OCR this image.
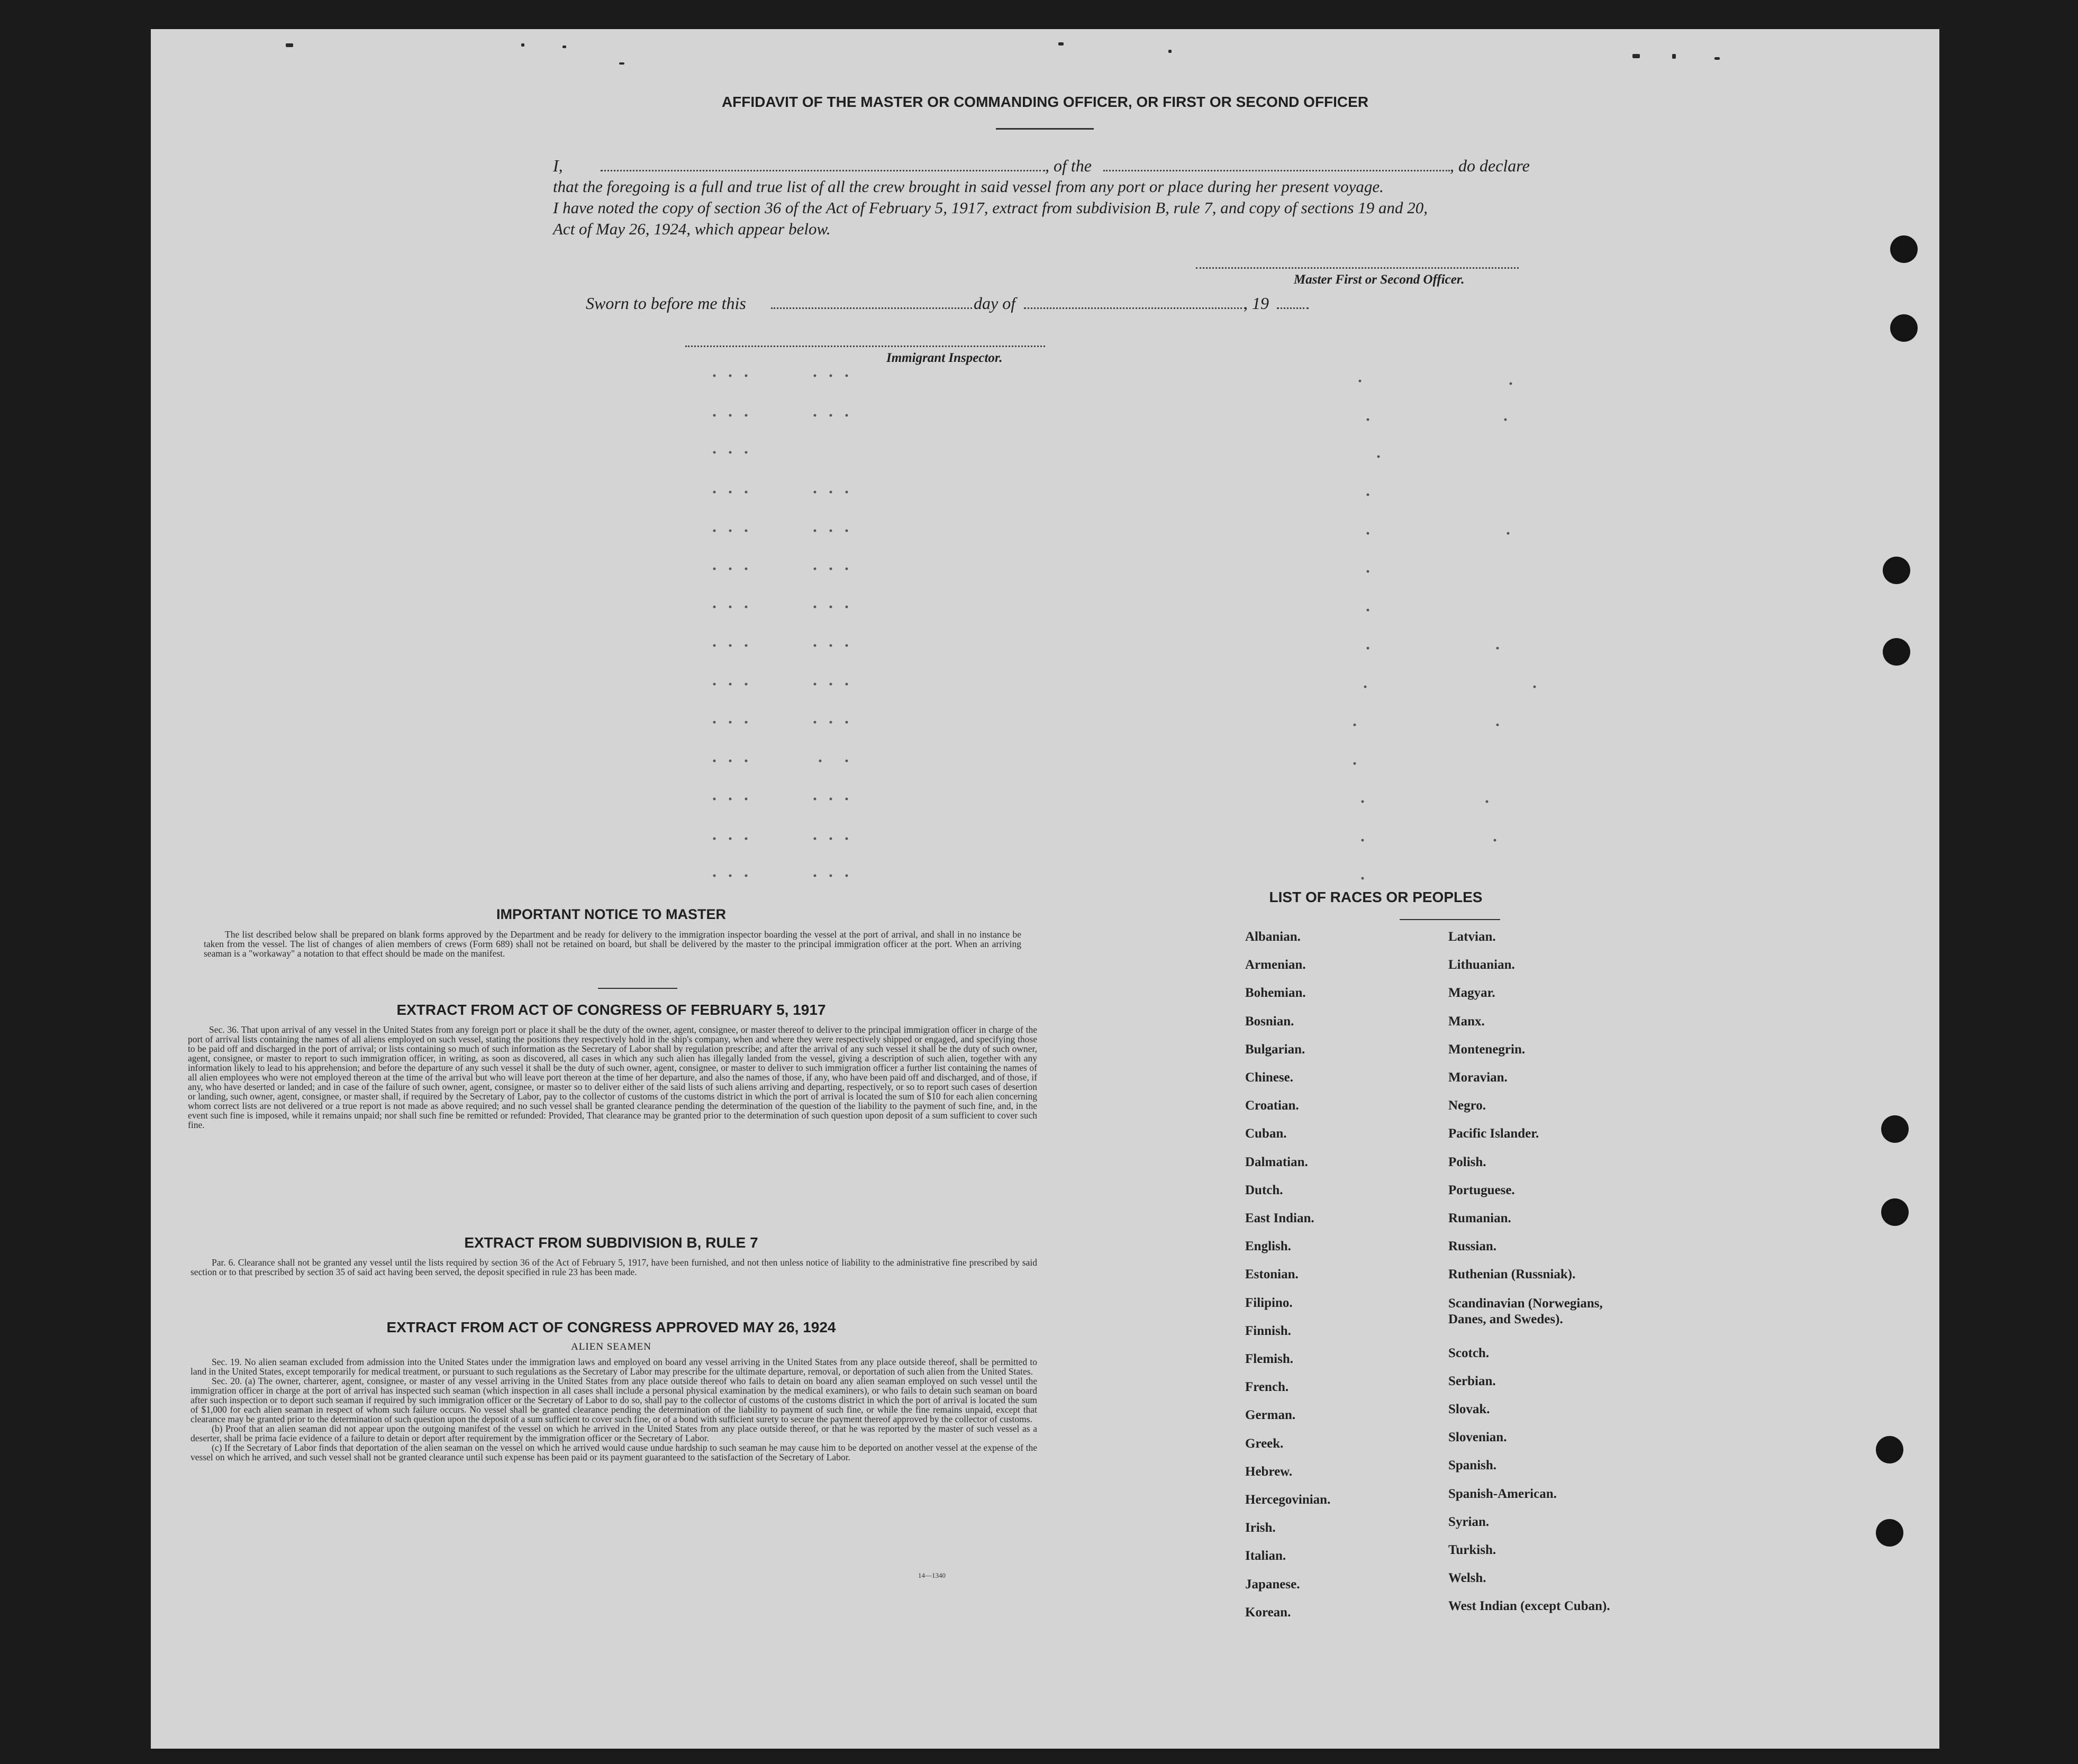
AFFIDAVIT OF THE MASTER OR COMMANDING OFFICER, OR FIRST OR SECOND OFFICER
I,	, of the	, do declare
that the foregoing is a full and true list of all the crew brought in said vessel from any port or place during her present voyage.
I have noted the copy of section 36 of the Act of February 5, 1917, extract from subdivision B, rule 7, and copy of sections 19 and 20,
Act of May 26, 1924, which appear below.
Master First or Second Officer.
Sworn to before me this	day of	, 19
Immigrant Inspector.
IMPORTANT NOTICE TO MASTER

The list described below shall be prepared on blank forms approved by the Department and be ready for delivery to the immigration inspector boarding the vessel at the port of arrival, and shall in no instance be taken from the vessel. The list of changes of alien members of crews (Form 689) shall not be retained on board, but shall be delivered by the master to the principal immigration officer at the port. When an arriving seaman is a "workaway" a notation to that effect should be made on the manifest.

EXTRACT FROM ACT OF CONGRESS OF FEBRUARY 5, 1917

Sec. 36. That upon arrival of any vessel in the United States from any foreign port or place it shall be the duty of the owner, agent, consignee, or master thereof to deliver to the principal immigration officer in charge of the port of arrival lists containing the names of all aliens employed on such vessel, stating the positions they respectively hold in the ship's company, when and where they were respectively shipped or engaged, and specifying those to be paid off and discharged in the port of arrival; or lists containing so much of such information as the Secretary of Labor shall by regulation prescribe; and after the arrival of any such vessel it shall be the duty of such owner, agent, consignee, or master to report to such immigration officer, in writing, as soon as discovered, all cases in which any such alien has illegally landed from the vessel, giving a description of such alien, together with any information likely to lead to his apprehension; and before the departure of any such vessel it shall be the duty of such owner, agent, consignee, or master to deliver to such immigration officer a further list containing the names of all alien employees who were not employed thereon at the time of the arrival but who will leave port thereon at the time of her departure, and also the names of those, if any, who have been paid off and discharged, and of those, if any, who have deserted or landed; and in case of the failure of such owner, agent, consignee, or master so to deliver either of the said lists of such aliens arriving and departing, respectively, or so to report such cases of desertion or landing, such owner, agent, consignee, or master shall, if required by the Secretary of Labor, pay to the collector of customs of the customs district in which the port of arrival is located the sum of $10 for each alien concerning whom correct lists are not delivered or a true report is not made as above required; and no such vessel shall be granted clearance pending the determination of the question of the liability to the payment of such fine, and, in the event such fine is imposed, while it remains unpaid; nor shall such fine be remitted or refunded: Provided, That clearance may be granted prior to the determination of such question upon deposit of a sum sufficient to cover such fine.

EXTRACT FROM SUBDIVISION B, RULE 7

Par. 6. Clearance shall not be granted any vessel until the lists required by section 36 of the Act of February 5, 1917, have been furnished, and not then unless notice of liability to the administrative fine prescribed by said section or to that prescribed by section 35 of said act having been served, the deposit specified in rule 23 has been made.

EXTRACT FROM ACT OF CONGRESS APPROVED MAY 26, 1924
ALIEN SEAMEN

Sec. 19. No alien seaman excluded from admission into the United States under the immigration laws and employed on board any vessel arriving in the United States from any place outside thereof, shall be permitted to land in the United States, except temporarily for medical treatment, or pursuant to such regulations as the Secretary of Labor may prescribe for the ultimate departure, removal, or deportation of such alien from the United States.

Sec. 20. (a) The owner, charterer, agent, consignee, or master of any vessel arriving in the United States from any place outside thereof who fails to detain on board any alien seaman employed on such vessel until the immigration officer in charge at the port of arrival has inspected such seaman (which inspection in all cases shall include a personal physical examination by the medical examiners), or who fails to detain such seaman on board after such inspection or to deport such seaman if required by such immigration officer or the Secretary of Labor to do so, shall pay to the collector of customs of the customs district in which the port of arrival is located the sum of $1,000 for each alien seaman in respect of whom such failure occurs. No vessel shall be granted clearance pending the determination of the liability to payment of such fine, or while the fine remains unpaid, except that clearance may be granted prior to the determination of such question upon the deposit of a sum sufficient to cover such fine, or of a bond with sufficient surety to secure the payment thereof approved by the collector of customs.

(b) Proof that an alien seaman did not appear upon the outgoing manifest of the vessel on which he arrived in the United States from any place outside thereof, or that he was reported by the master of such vessel as a deserter, shall be prima facie evidence of a failure to detain or deport after requirement by the immigration officer or the Secretary of Labor.

(c) If the Secretary of Labor finds that deportation of the alien seaman on the vessel on which he arrived would cause undue hardship to such seaman he may cause him to be deported on another vessel at the expense of the vessel on which he arrived, and such vessel shall not be granted clearance until such expense has been paid or its payment guaranteed to the satisfaction of the Secretary of Labor.

14—1340
LIST OF RACES OR PEOPLES
Albanian.
Armenian.
Bohemian.
Bosnian.
Bulgarian.
Chinese.
Croatian.
Cuban.
Dalmatian.
Dutch.
East Indian.
English.
Estonian.
Filipino.
Finnish.
Flemish.
French.
German.
Greek.
Hebrew.
Hercegovinian.
Irish.
Italian.
Japanese.
Korean.
Latvian.
Lithuanian.
Magyar.
Manx.
Montenegrin.
Moravian.
Negro.
Pacific Islander.
Polish.
Portuguese.
Rumanian.
Russian.
Ruthenian (Russniak).
Scandinavian (Norwegians, Danes, and Swedes).
Scotch.
Serbian.
Slovak.
Slovenian.
Spanish.
Spanish-American.
Syrian.
Turkish.
Welsh.
West Indian (except Cuban).
